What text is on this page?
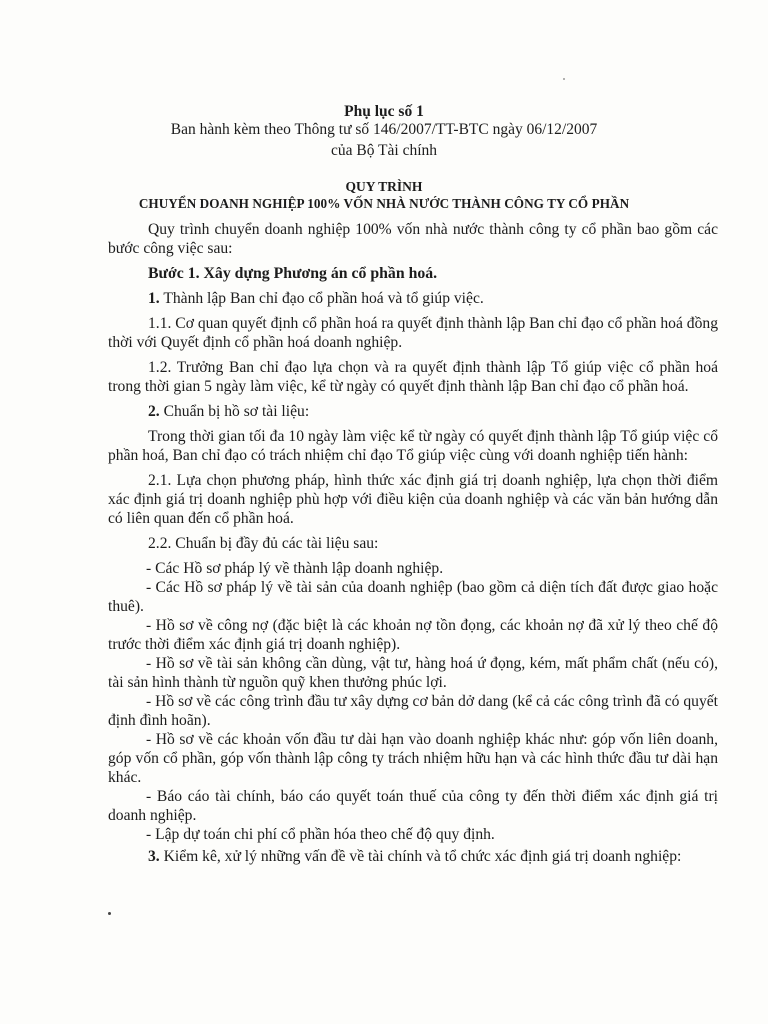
Phụ lục số 1
Ban hành kèm theo Thông tư số 146/2007/TT-BTC ngày 06/12/2007
của Bộ Tài chính
QUY TRÌNH
CHUYỂN DOANH NGHIỆP 100% VỐN NHÀ NƯỚC THÀNH CÔNG TY CỔ PHẦN

Quy trình chuyển doanh nghiệp 100% vốn nhà nước thành công ty cổ phần bao gồm các bước công việc sau:

Bước 1. Xây dựng Phương án cổ phần hoá.

1. Thành lập Ban chỉ đạo cổ phần hoá và tổ giúp việc.

1.1. Cơ quan quyết định cổ phần hoá ra quyết định thành lập Ban chỉ đạo cổ phần hoá đồng thời với Quyết định cổ phần hoá doanh nghiệp.

1.2. Trưởng Ban chỉ đạo lựa chọn và ra quyết định thành lập Tổ giúp việc cổ phần hoá trong thời gian 5 ngày làm việc, kể từ ngày có quyết định thành lập Ban chỉ đạo cổ phần hoá.

2. Chuẩn bị hồ sơ tài liệu:

Trong thời gian tối đa 10 ngày làm việc kể từ ngày có quyết định thành lập Tổ giúp việc cổ phần hoá, Ban chỉ đạo có trách nhiệm chỉ đạo Tổ giúp việc cùng với doanh nghiệp tiến hành:

2.1. Lựa chọn phương pháp, hình thức xác định giá trị doanh nghiệp, lựa chọn thời điểm xác định giá trị doanh nghiệp phù hợp với điều kiện của doanh nghiệp và các văn bản hướng dẫn có liên quan đến cổ phần hoá.

2.2. Chuẩn bị đầy đủ các tài liệu sau:

- Các Hồ sơ pháp lý về thành lập doanh nghiệp.

- Các Hồ sơ pháp lý về tài sản của doanh nghiệp (bao gồm cả diện tích đất được giao hoặc thuê).

- Hồ sơ về công nợ (đặc biệt là các khoản nợ tồn đọng, các khoản nợ đã xử lý theo chế độ trước thời điểm xác định giá trị doanh nghiệp).

- Hồ sơ về tài sản không cần dùng, vật tư, hàng hoá ứ đọng, kém, mất phẩm chất (nếu có), tài sản hình thành từ nguồn quỹ khen thưởng phúc lợi.

- Hồ sơ về các công trình đầu tư xây dựng cơ bản dở dang (kể cả các công trình đã có quyết định đình hoãn).

- Hồ sơ về các khoản vốn đầu tư dài hạn vào doanh nghiệp khác như: góp vốn liên doanh, góp vốn cổ phần, góp vốn thành lập công ty trách nhiệm hữu hạn và các hình thức đầu tư dài hạn khác.

- Báo cáo tài chính, báo cáo quyết toán thuế của công ty đến thời điểm xác định giá trị doanh nghiệp.

- Lập dự toán chi phí cổ phần hóa theo chế độ quy định.

3. Kiểm kê, xử lý những vấn đề về tài chính và tổ chức xác định giá trị doanh nghiệp:
